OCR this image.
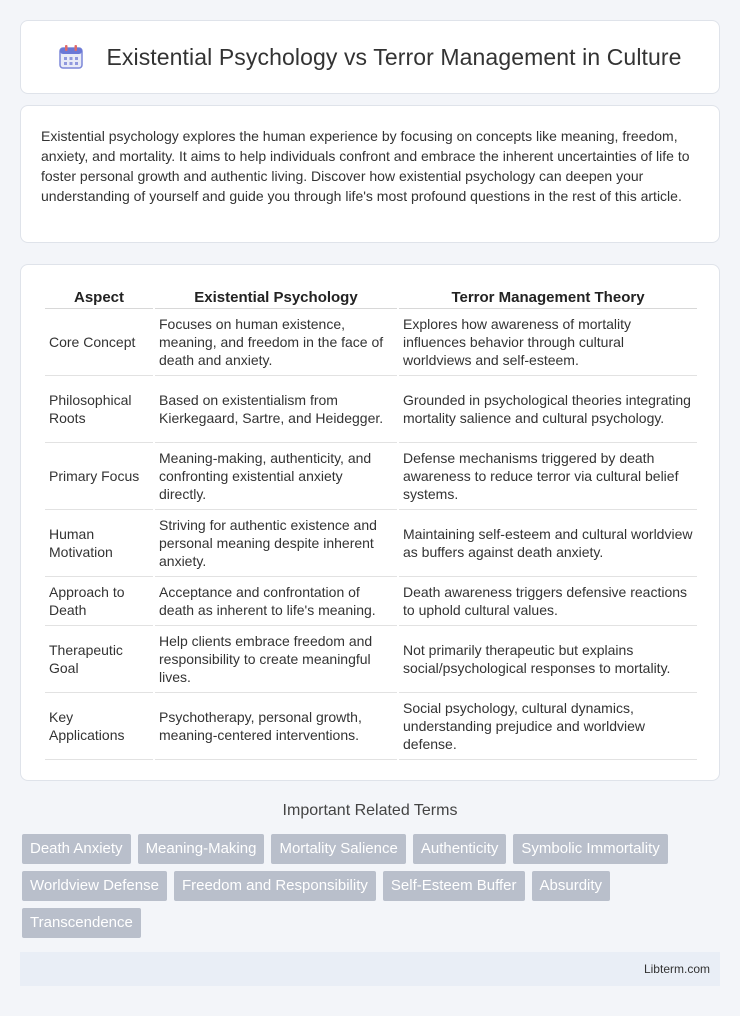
Existential Psychology vs Terror Management in Culture

Existential psychology explores the human experience by focusing on concepts like meaning, freedom, anxiety, and mortality. It aims to help individuals confront and embrace the inherent uncertainties of life to foster personal growth and authentic living. Discover how existential psychology can deepen your understanding of yourself and guide you through life's most profound questions in the rest of this article.

Aspect	Existential Psychology	Terror Management Theory
Core Concept	Focuses on human existence, meaning, and freedom in the face of death and anxiety.	Explores how awareness of mortality influences behavior through cultural worldviews and self-esteem.
Philosophical Roots	Based on existentialism from Kierkegaard, Sartre, and Heidegger.	Grounded in psychological theories integrating mortality salience and cultural psychology.
Primary Focus	Meaning-making, authenticity, and confronting existential anxiety directly.	Defense mechanisms triggered by death awareness to reduce terror via cultural belief systems.
Human Motivation	Striving for authentic existence and personal meaning despite inherent anxiety.	Maintaining self-esteem and cultural worldview as buffers against death anxiety.
Approach to Death	Acceptance and confrontation of death as inherent to life's meaning.	Death awareness triggers defensive reactions to uphold cultural values.
Therapeutic Goal	Help clients embrace freedom and responsibility to create meaningful lives.	Not primarily therapeutic but explains social/psychological responses to mortality.
Key Applications	Psychotherapy, personal growth, meaning-centered interventions.	Social psychology, cultural dynamics, understanding prejudice and worldview defense.
Important Related Terms
Death Anxiety	Meaning-Making	Mortality Salience	Authenticity	Symbolic Immortality
Worldview Defense	Freedom and Responsibility	Self-Esteem Buffer	Absurdity
Transcendence
Libterm.com
